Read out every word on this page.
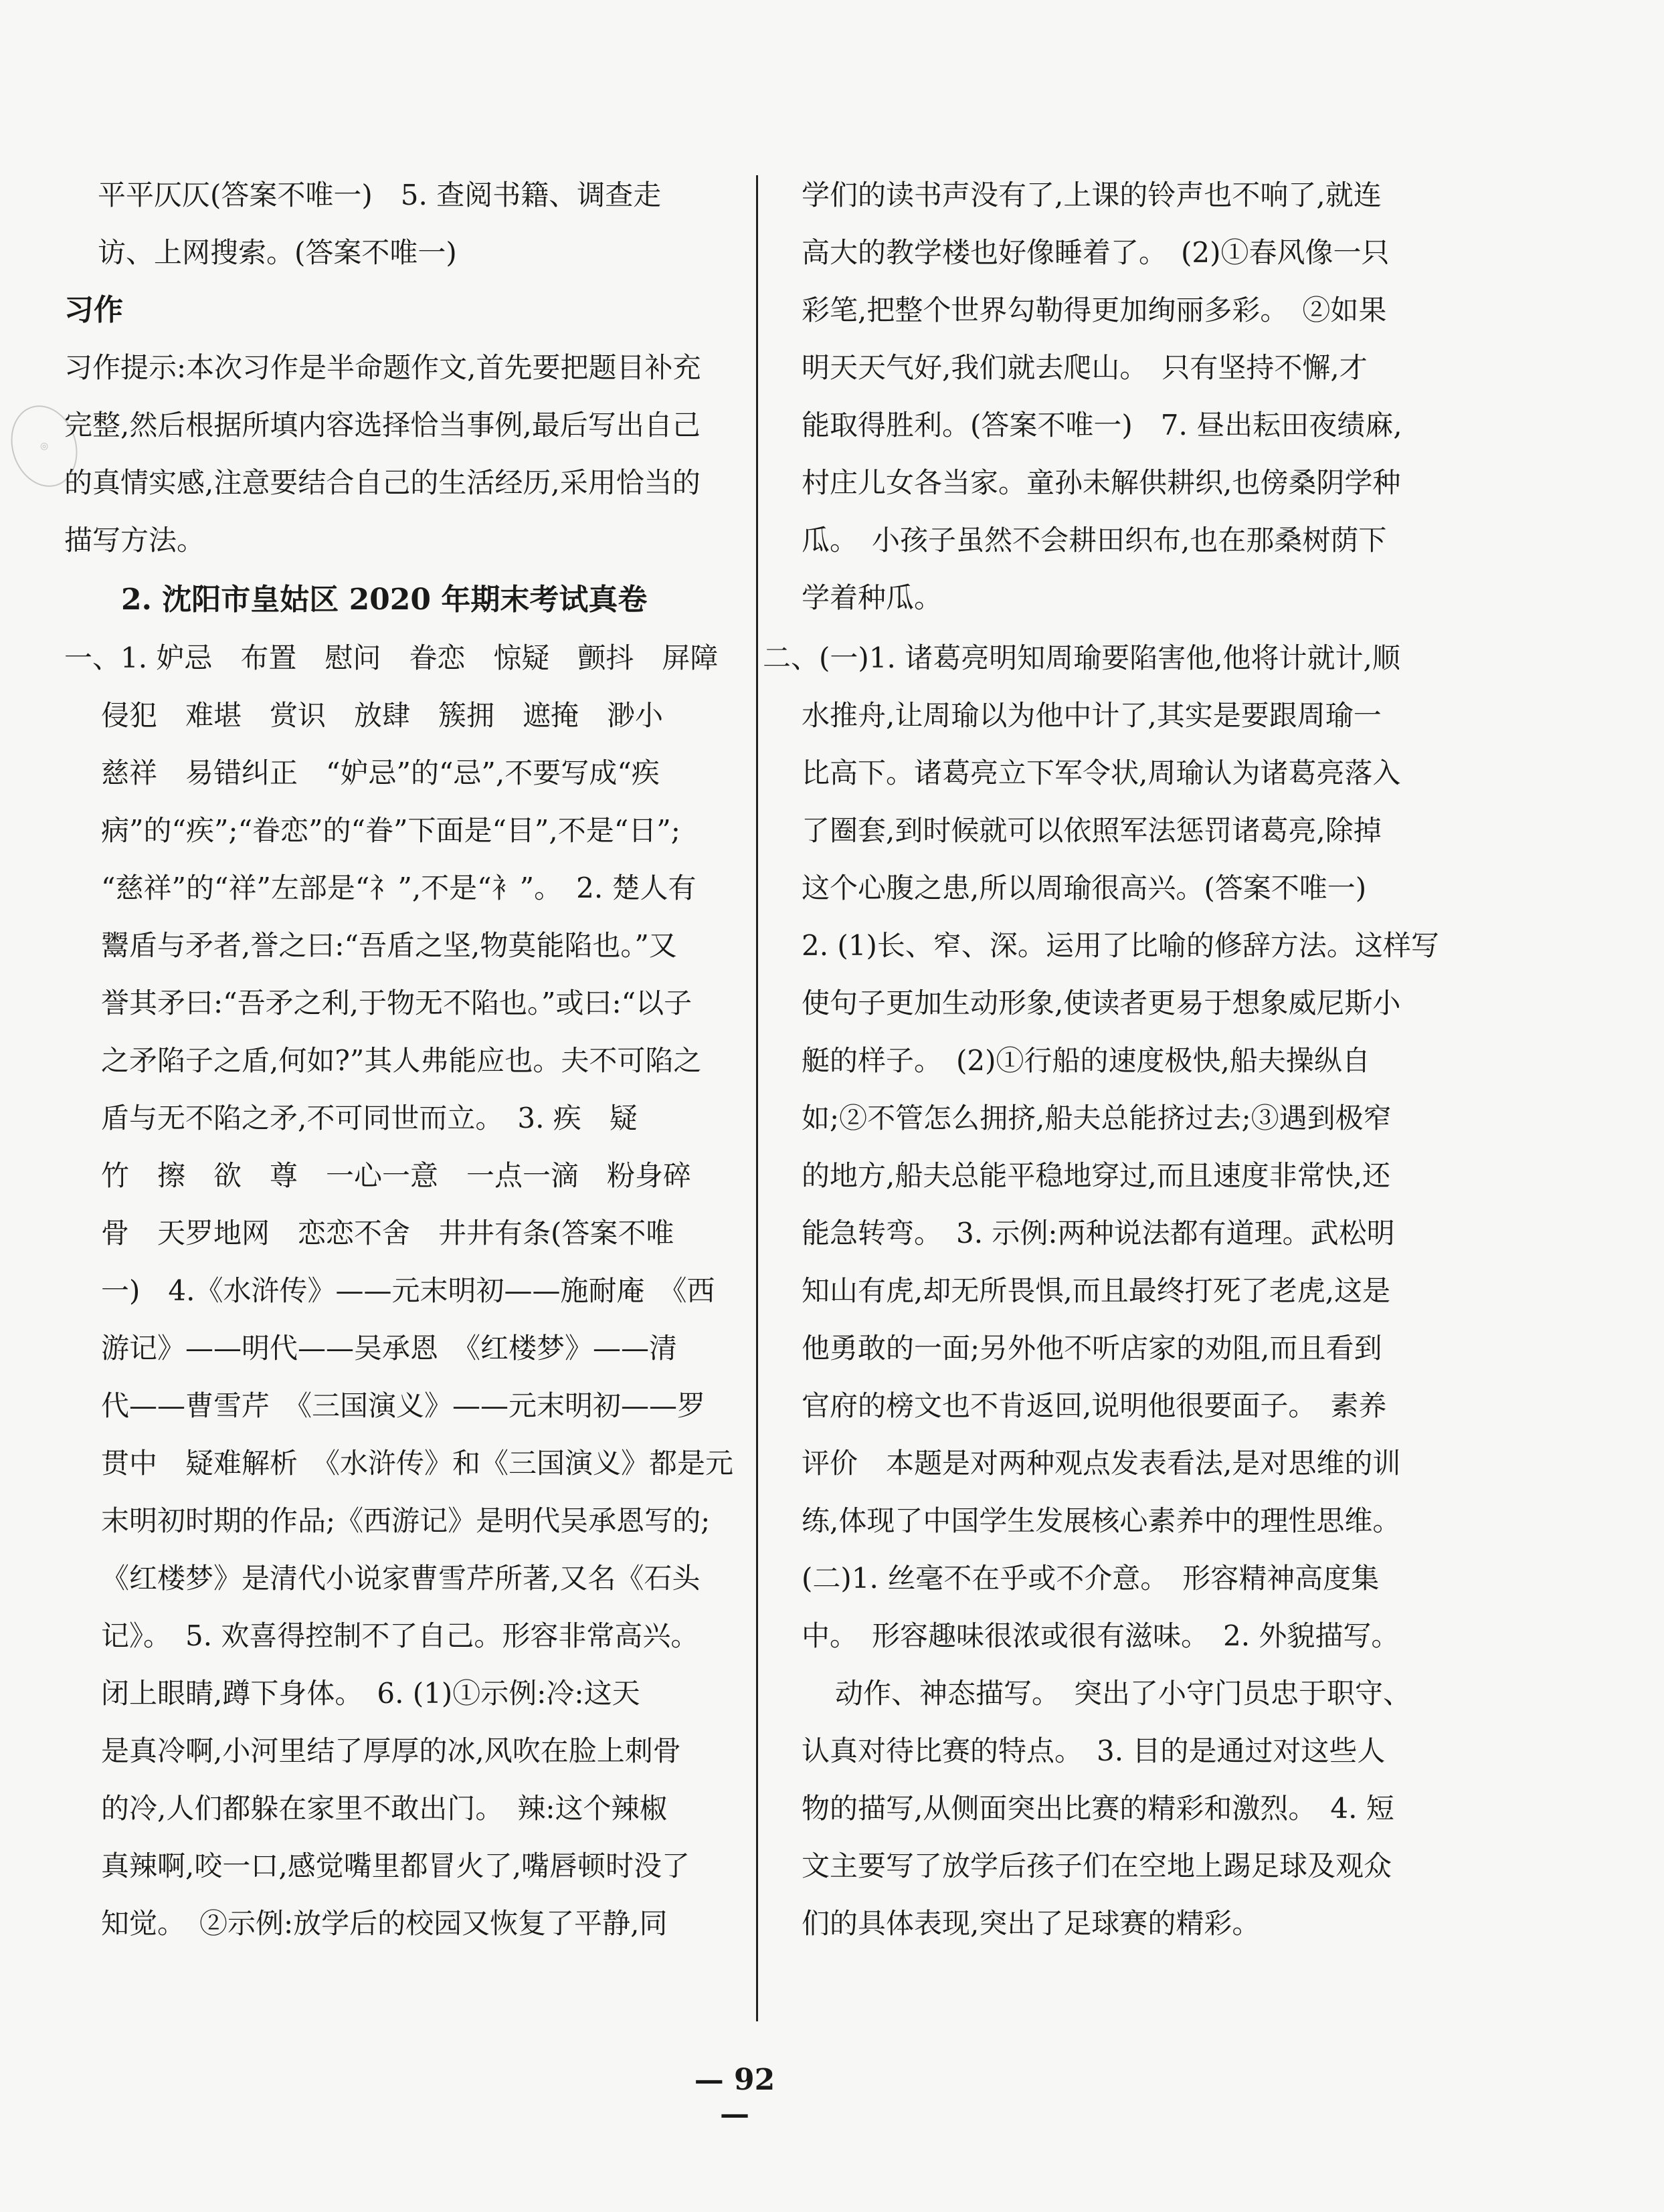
◎
平平仄仄(答案不唯一)　5. 查阅书籍、调查走
访、上网搜索。(答案不唯一)
习作
习作提示:本次习作是半命题作文,首先要把题目补充
完整,然后根据所填内容选择恰当事例,最后写出自己
的真情实感,注意要结合自己的生活经历,采用恰当的
描写方法。
2. 沈阳市皇姑区 2020 年期末考试真卷
一、1. 妒忌　布置　慰问　眷恋　惊疑　颤抖　屏障
侵犯　难堪　赏识　放肆　簇拥　遮掩　渺小
慈祥　易错纠正　“妒忌”的“忌”,不要写成“疾
病”的“疾”;“眷恋”的“眷”下面是“目”,不是“日”;
“慈祥”的“祥”左部是“礻”,不是“衤”。　2. 楚人有
鬻盾与矛者,誉之曰:“吾盾之坚,物莫能陷也。”又
誉其矛曰:“吾矛之利,于物无不陷也。”或曰:“以子
之矛陷子之盾,何如?”其人弗能应也。夫不可陷之
盾与无不陷之矛,不可同世而立。　3. 疾　疑
竹　擦　欲　尊　一心一意　一点一滴　粉身碎
骨　天罗地网　恋恋不舍　井井有条(答案不唯
一)　4.《水浒传》——元末明初——施耐庵　《西
游记》——明代——吴承恩　《红楼梦》——清
代——曹雪芹　《三国演义》——元末明初——罗
贯中　疑难解析　《水浒传》和《三国演义》都是元
末明初时期的作品;《西游记》是明代吴承恩写的;
《红楼梦》是清代小说家曹雪芹所著,又名《石头
记》。　5. 欢喜得控制不了自己。形容非常高兴。
闭上眼睛,蹲下身体。　6. (1)①示例:冷:这天
是真冷啊,小河里结了厚厚的冰,风吹在脸上刺骨
的冷,人们都躲在家里不敢出门。　辣:这个辣椒
真辣啊,咬一口,感觉嘴里都冒火了,嘴唇顿时没了
知觉。　②示例:放学后的校园又恢复了平静,同
学们的读书声没有了,上课的铃声也不响了,就连
高大的教学楼也好像睡着了。　(2)①春风像一只
彩笔,把整个世界勾勒得更加绚丽多彩。　②如果
明天天气好,我们就去爬山。　只有坚持不懈,才
能取得胜利。(答案不唯一)　7. 昼出耘田夜绩麻,
村庄儿女各当家。童孙未解供耕织,也傍桑阴学种
瓜。　小孩子虽然不会耕田织布,也在那桑树荫下
学着种瓜。
二、(一)1. 诸葛亮明知周瑜要陷害他,他将计就计,顺
水推舟,让周瑜以为他中计了,其实是要跟周瑜一
比高下。诸葛亮立下军令状,周瑜认为诸葛亮落入
了圈套,到时候就可以依照军法惩罚诸葛亮,除掉
这个心腹之患,所以周瑜很高兴。(答案不唯一)
2. (1)长、窄、深。运用了比喻的修辞方法。这样写
使句子更加生动形象,使读者更易于想象威尼斯小
艇的样子。　(2)①行船的速度极快,船夫操纵自
如;②不管怎么拥挤,船夫总能挤过去;③遇到极窄
的地方,船夫总能平稳地穿过,而且速度非常快,还
能急转弯。　3. 示例:两种说法都有道理。武松明
知山有虎,却无所畏惧,而且最终打死了老虎,这是
他勇敢的一面;另外他不听店家的劝阻,而且看到
官府的榜文也不肯返回,说明他很要面子。　素养
评价　本题是对两种观点发表看法,是对思维的训
练,体现了中国学生发展核心素养中的理性思维。
(二)1. 丝毫不在乎或不介意。　形容精神高度集
中。　形容趣味很浓或很有滋味。　2. 外貌描写。
动作、神态描写。　突出了小守门员忠于职守、
认真对待比赛的特点。　3. 目的是通过对这些人
物的描写,从侧面突出比赛的精彩和激烈。　4. 短
文主要写了放学后孩子们在空地上踢足球及观众
们的具体表现,突出了足球赛的精彩。
— 92—
